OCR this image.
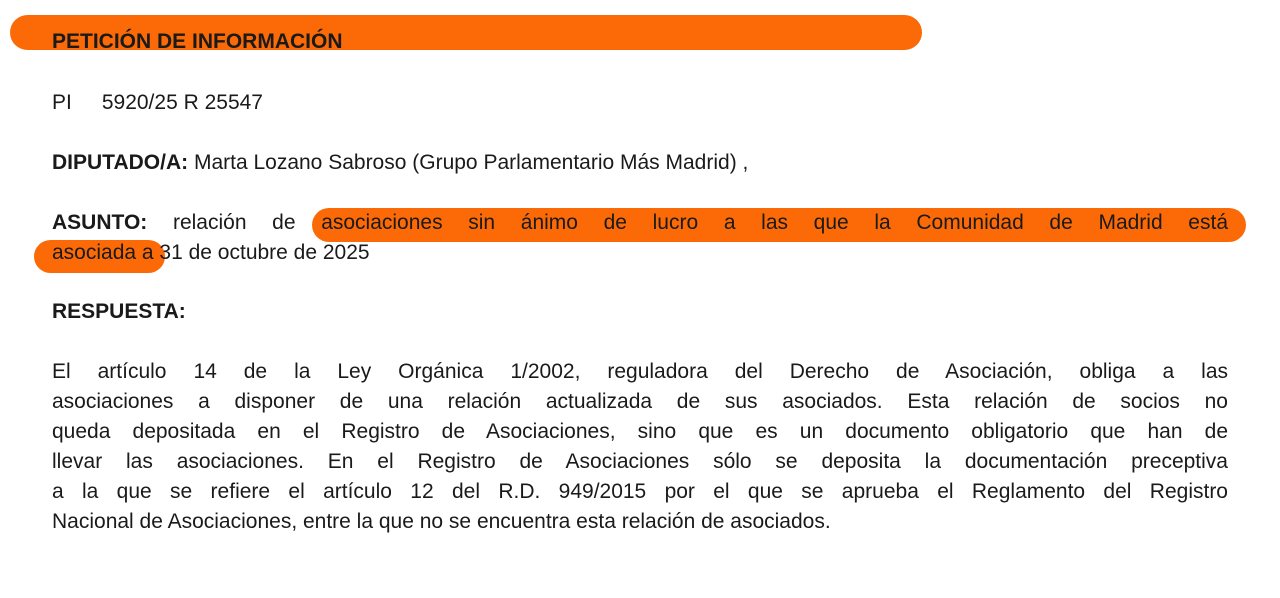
PETICIÓN DE INFORMACIÓN
PI 5920/25 R 25547
DIPUTADO/A: Marta Lozano Sabroso (Grupo Parlamentario Más Madrid) ,
ASUNTO: relación de asociaciones sin ánimo de lucro a las que la Comunidad de Madrid está
asociada a 31 de octubre de 2025
RESPUESTA:
El artículo 14 de la Ley Orgánica 1/2002, reguladora del Derecho de Asociación, obliga a las
asociaciones a disponer de una relación actualizada de sus asociados. Esta relación de socios no
queda depositada en el Registro de Asociaciones, sino que es un documento obligatorio que han de
llevar las asociaciones. En el Registro de Asociaciones sólo se deposita la documentación preceptiva
a la que se refiere el artículo 12 del R.D. 949/2015 por el que se aprueba el Reglamento del Registro
Nacional de Asociaciones, entre la que no se encuentra esta relación de asociados.
